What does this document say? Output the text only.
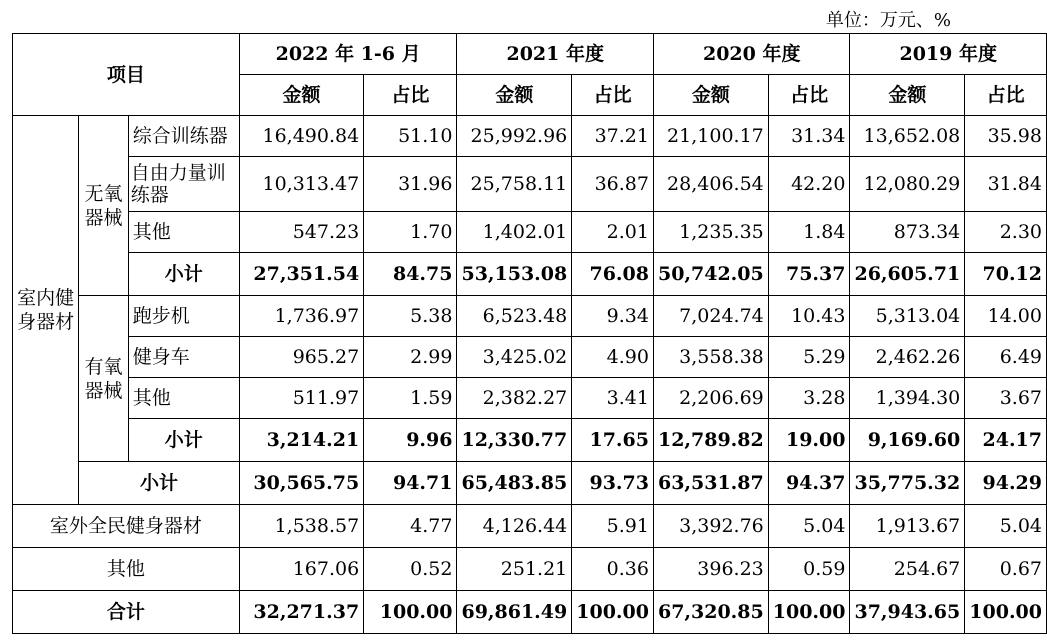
单位：万元、%
项目			2022 年 1-6 月		2021 年度		2020 年度		2019 年度	
			金额	占比	金额	占比	金额	占比	金额	占比
室内健身器材	无氧器械	综合训练器	16,490.84	51.10	25,992.96	37.21	21,100.17	31.34	13,652.08	35.98
		自由力量训练器	10,313.47	31.96	25,758.11	36.87	28,406.54	42.20	12,080.29	31.84
		其他	547.23	1.70	1,402.01	2.01	1,235.35	1.84	873.34	2.30
		小计	27,351.54	84.75	53,153.08	76.08	50,742.05	75.37	26,605.71	70.12
	有氧器械	跑步机	1,736.97	5.38	6,523.48	9.34	7,024.74	10.43	5,313.04	14.00
		健身车	965.27	2.99	3,425.02	4.90	3,558.38	5.29	2,462.26	6.49
		其他	511.97	1.59	2,382.27	3.41	2,206.69	3.28	1,394.30	3.67
		小计	3,214.21	9.96	12,330.77	17.65	12,789.82	19.00	9,169.60	24.17
	小计		30,565.75	94.71	65,483.85	93.73	63,531.87	94.37	35,775.32	94.29
室外全民健身器材			1,538.57	4.77	4,126.44	5.91	3,392.76	5.04	1,913.67	5.04
其他			167.06	0.52	251.21	0.36	396.23	0.59	254.67	0.67
合计			32,271.37	100.00	69,861.49	100.00	67,320.85	100.00	37,943.65	100.00
